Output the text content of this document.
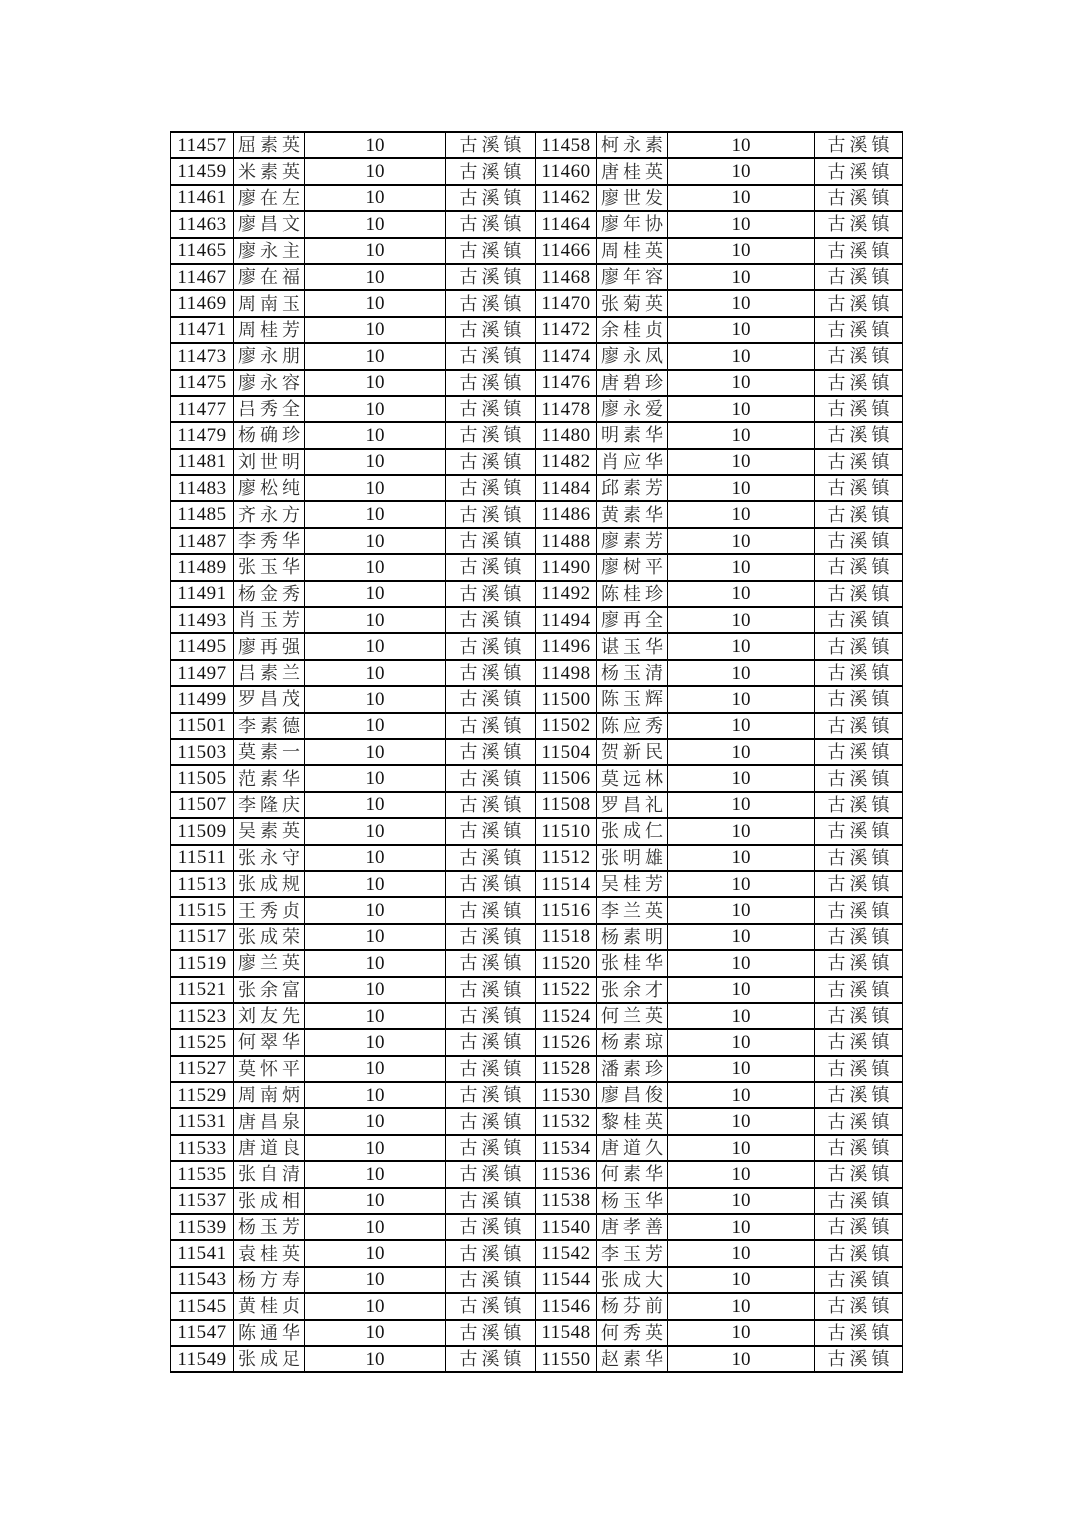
11457	屈素英	10	古溪镇	11458	柯永素	10	古溪镇
11459	米素英	10	古溪镇	11460	唐桂英	10	古溪镇
11461	廖在左	10	古溪镇	11462	廖世发	10	古溪镇
11463	廖昌文	10	古溪镇	11464	廖年协	10	古溪镇
11465	廖永主	10	古溪镇	11466	周桂英	10	古溪镇
11467	廖在福	10	古溪镇	11468	廖年容	10	古溪镇
11469	周南玉	10	古溪镇	11470	张菊英	10	古溪镇
11471	周桂芳	10	古溪镇	11472	余桂贞	10	古溪镇
11473	廖永朋	10	古溪镇	11474	廖永凤	10	古溪镇
11475	廖永容	10	古溪镇	11476	唐碧珍	10	古溪镇
11477	吕秀全	10	古溪镇	11478	廖永爱	10	古溪镇
11479	杨确珍	10	古溪镇	11480	明素华	10	古溪镇
11481	刘世明	10	古溪镇	11482	肖应华	10	古溪镇
11483	廖松纯	10	古溪镇	11484	邱素芳	10	古溪镇
11485	齐永方	10	古溪镇	11486	黄素华	10	古溪镇
11487	李秀华	10	古溪镇	11488	廖素芳	10	古溪镇
11489	张玉华	10	古溪镇	11490	廖树平	10	古溪镇
11491	杨金秀	10	古溪镇	11492	陈桂珍	10	古溪镇
11493	肖玉芳	10	古溪镇	11494	廖再全	10	古溪镇
11495	廖再强	10	古溪镇	11496	谌玉华	10	古溪镇
11497	吕素兰	10	古溪镇	11498	杨玉清	10	古溪镇
11499	罗昌茂	10	古溪镇	11500	陈玉辉	10	古溪镇
11501	李素德	10	古溪镇	11502	陈应秀	10	古溪镇
11503	莫素一	10	古溪镇	11504	贺新民	10	古溪镇
11505	范素华	10	古溪镇	11506	莫远林	10	古溪镇
11507	李隆庆	10	古溪镇	11508	罗昌礼	10	古溪镇
11509	吴素英	10	古溪镇	11510	张成仁	10	古溪镇
11511	张永守	10	古溪镇	11512	张明雄	10	古溪镇
11513	张成规	10	古溪镇	11514	吴桂芳	10	古溪镇
11515	王秀贞	10	古溪镇	11516	李兰英	10	古溪镇
11517	张成荣	10	古溪镇	11518	杨素明	10	古溪镇
11519	廖兰英	10	古溪镇	11520	张桂华	10	古溪镇
11521	张余富	10	古溪镇	11522	张余才	10	古溪镇
11523	刘友先	10	古溪镇	11524	何兰英	10	古溪镇
11525	何翠华	10	古溪镇	11526	杨素琼	10	古溪镇
11527	莫怀平	10	古溪镇	11528	潘素珍	10	古溪镇
11529	周南炳	10	古溪镇	11530	廖昌俊	10	古溪镇
11531	唐昌泉	10	古溪镇	11532	黎桂英	10	古溪镇
11533	唐道良	10	古溪镇	11534	唐道久	10	古溪镇
11535	张自清	10	古溪镇	11536	何素华	10	古溪镇
11537	张成相	10	古溪镇	11538	杨玉华	10	古溪镇
11539	杨玉芳	10	古溪镇	11540	唐孝善	10	古溪镇
11541	袁桂英	10	古溪镇	11542	李玉芳	10	古溪镇
11543	杨方寿	10	古溪镇	11544	张成大	10	古溪镇
11545	黄桂贞	10	古溪镇	11546	杨芬前	10	古溪镇
11547	陈通华	10	古溪镇	11548	何秀英	10	古溪镇
11549	张成足	10	古溪镇	11550	赵素华	10	古溪镇
